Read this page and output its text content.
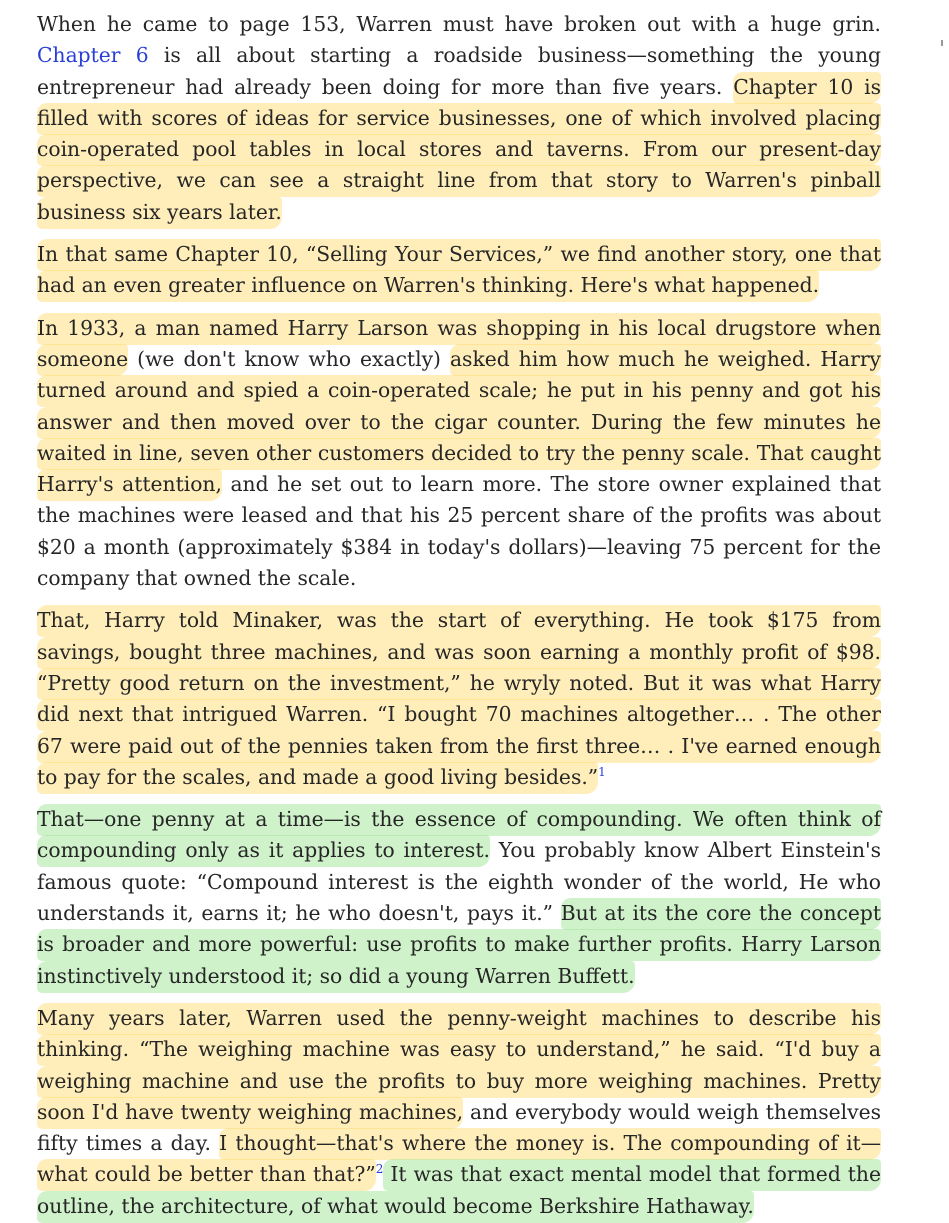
When he came to page 153, Warren must have broken out with a huge grin. Chapter 6 is all about starting a roadside business—something the young entrepreneur had already been doing for more than five years. Chapter 10 is filled with scores of ideas for service businesses, one of which involved placing coin-operated pool tables in local stores and taverns. From our present-day perspective, we can see a straight line from that story to Warren's pinball business six years later.

In that same Chapter 10, “Selling Your Services,” we find another story, one that had an even greater influence on Warren's thinking. Here's what happened.

In 1933, a man named Harry Larson was shopping in his local drugstore when someone (we don't know who exactly) asked him how much he weighed. Harry turned around and spied a coin-operated scale; he put in his penny and got his answer and then moved over to the cigar counter. During the few minutes he waited in line, seven other customers decided to try the penny scale. That caught Harry's attention, and he set out to learn more. The store owner explained that the machines were leased and that his 25 percent share of the profits was about $20 a month (approximately $384 in today's dollars)—leaving 75 percent for the company that owned the scale.

That, Harry told Minaker, was the start of everything. He took $175 from savings, bought three machines, and was soon earning a monthly profit of $98. “Pretty good return on the investment,” he wryly noted. But it was what Harry did next that intrigued Warren. “I bought 70 machines altogether… . The other 67 were paid out of the pennies taken from the first three… . I've earned enough to pay for the scales, and made a good living besides.”$^1$

That—one penny at a time—is the essence of compounding. We often think of compounding only as it applies to interest. You probably know Albert Einstein's famous quote: “Compound interest is the eighth wonder of the world, He who understands it, earns it; he who doesn't, pays it.” But at its the core the concept is broader and more powerful: use profits to make further profits. Harry Larson instinctively understood it; so did a young Warren Buffett.

Many years later, Warren used the penny-weight machines to describe his thinking. “The weighing machine was easy to understand,” he said. “I'd buy a weighing machine and use the profits to buy more weighing machines. Pretty soon I'd have twenty weighing machines, and everybody would weigh themselves fifty times a day. I thought—that's where the money is. The compounding of it—what could be better than that?”$^2$ It was that exact mental model that formed the outline, the architecture, of what would become Berkshire Hathaway.
